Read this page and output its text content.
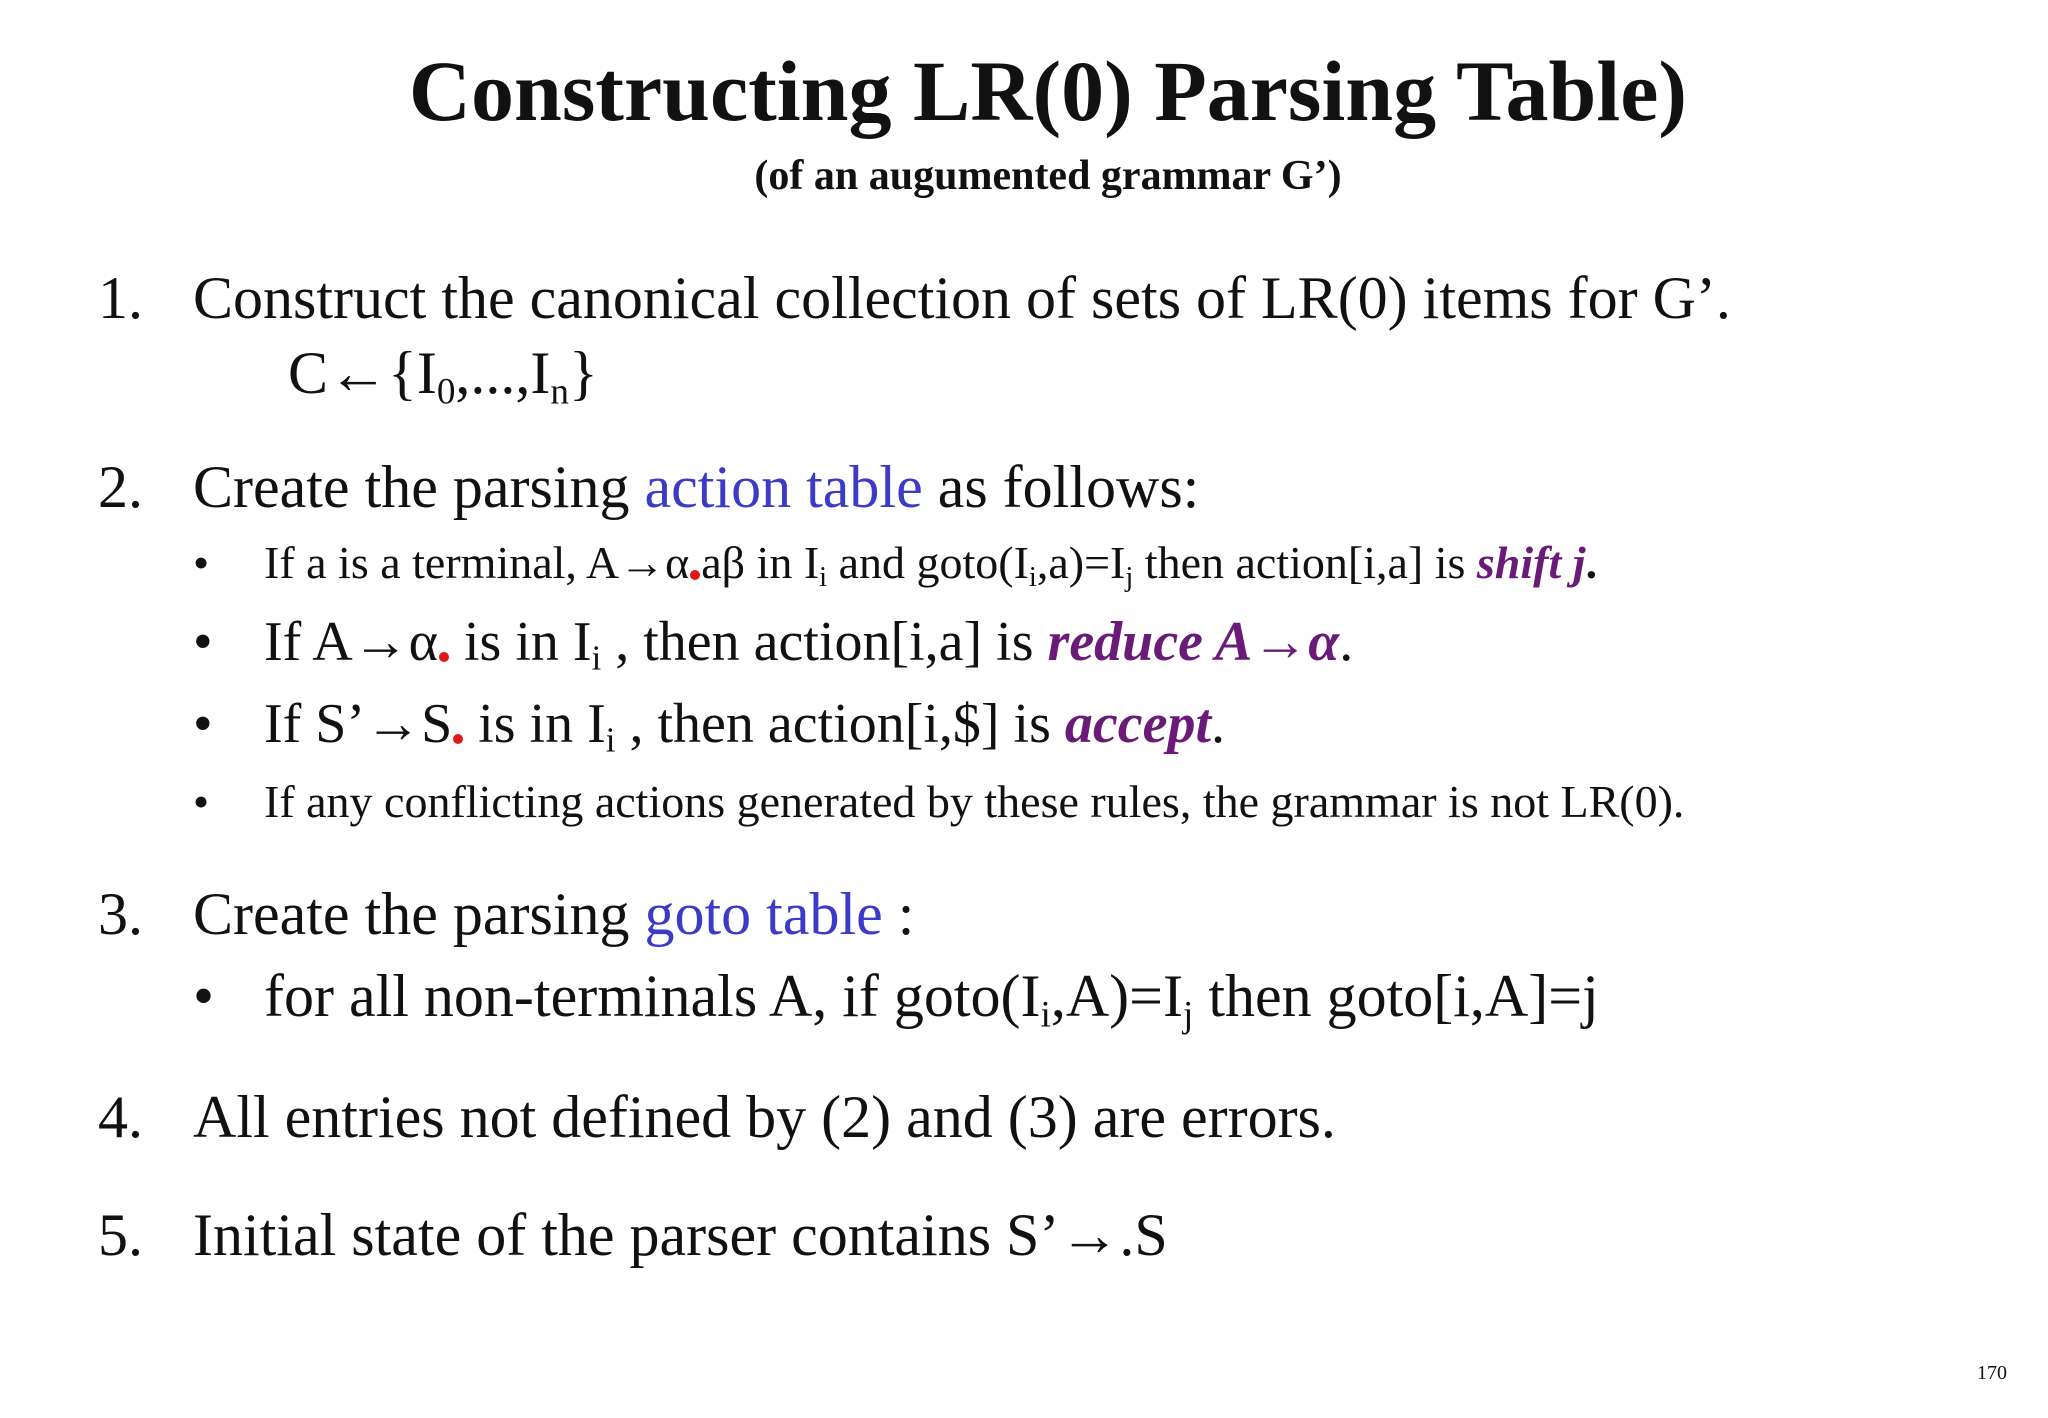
Constructing LR(0) Parsing Table)
(of an augumented grammar G’)
1. Construct the canonical collection of sets of LR(0) items for G’.
$C\leftarrow\{I_0,...,I_n\}$
2. Create the parsing action table as follows:
• If a is a terminal, A→α aβ in $I_i$ and $goto(I_i,a)=I_j$ then action[i,a] is shift j.
• If A→α is in $I_i$ , then action[i,a] is reduce A→α.
• If S’→S is in $I_i$ , then action[i,$] is accept.
• If any conflicting actions generated by these rules, the grammar is not LR(0).
3. Create the parsing goto table :
• for all non-terminals A, if $goto(I_i,A)=I_j$ then goto[i,A]=j
4. All entries not defined by (2) and (3) are errors.
5. Initial state of the parser contains S’→.S
170
